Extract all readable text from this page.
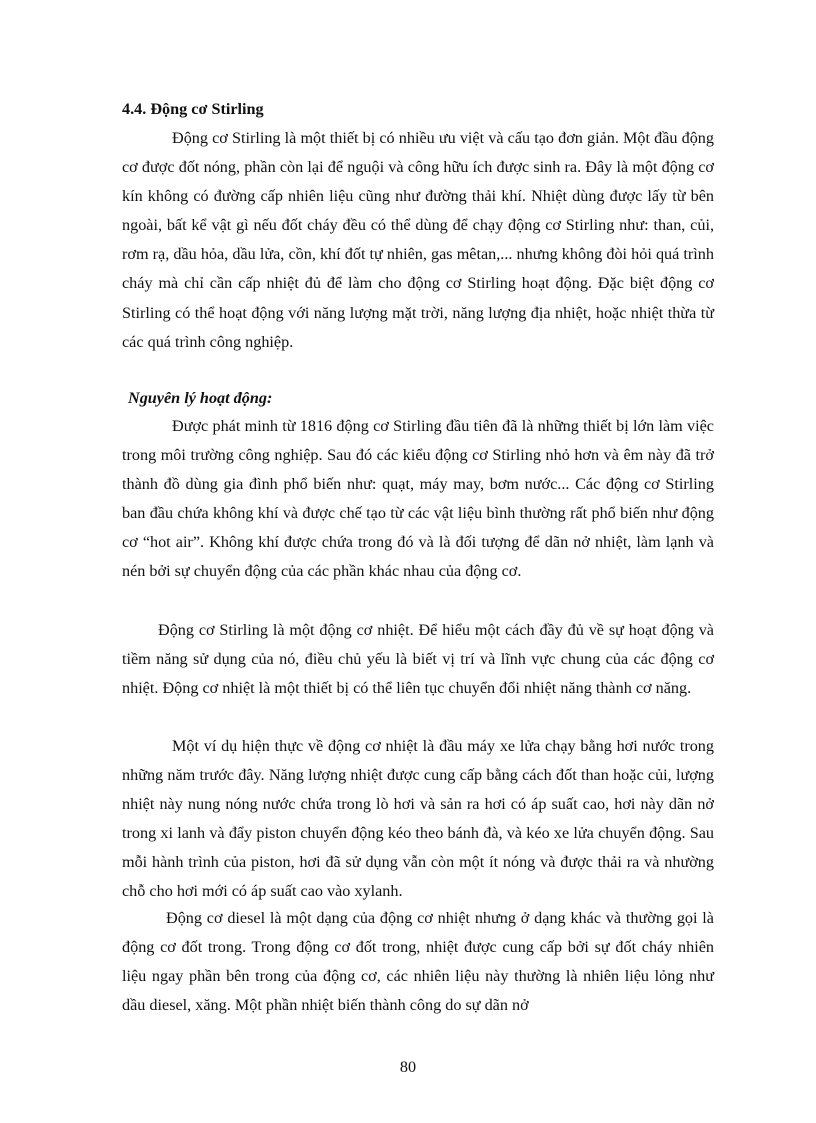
4.4. Động cơ Stirling

Động cơ Stirling là một thiết bị có nhiều ưu việt và cấu tạo đơn giản. Một đầu động cơ được đốt nóng, phần còn lại để nguội và công hữu ích được sinh ra. Đây là một động cơ kín không có đường cấp nhiên liệu cũng như đường thải khí. Nhiệt dùng được lấy từ bên ngoài, bất kể vật gì nếu đốt cháy đều có thể dùng để chạy động cơ Stirling như: than, củi, rơm rạ, dầu hỏa, dầu lửa, cồn, khí đốt tự nhiên, gas mêtan,... nhưng không đòi hỏi quá trình cháy mà chỉ cần cấp nhiệt đủ để làm cho động cơ Stirling hoạt động. Đặc biệt động cơ Stirling có thể hoạt động với năng lượng mặt trời, năng lượng địa nhiệt, hoặc nhiệt thừa từ các quá trình công nghiệp.

Nguyên lý hoạt động:

Được phát minh từ 1816 động cơ Stirling đầu tiên đã là những thiết bị lớn làm việc trong môi trường công nghiệp. Sau đó các kiểu động cơ Stirling nhỏ hơn và êm này đã trở thành đồ dùng gia đình phổ biến như: quạt, máy may, bơm nước... Các động cơ Stirling ban đầu chứa không khí và được chế tạo từ các vật liệu bình thường rất phổ biến như động cơ “hot air”. Không khí được chứa trong đó và là đối tượng để dãn nở nhiệt, làm lạnh và nén bởi sự chuyển động của các phần khác nhau của động cơ.

Động cơ Stirling là một động cơ nhiệt. Để hiểu một cách đầy đủ về sự hoạt động và tiềm năng sử dụng của nó, điều chủ yếu là biết vị trí và lĩnh vực chung của các động cơ nhiệt. Động cơ nhiệt là một thiết bị có thể liên tục chuyển đổi nhiệt năng thành cơ năng.

Một ví dụ hiện thực về động cơ nhiệt là đầu máy xe lửa chạy bằng hơi nước trong những năm trước đây. Năng lượng nhiệt được cung cấp bằng cách đốt than hoặc củi, lượng nhiệt này nung nóng nước chứa trong lò hơi và sản ra hơi có áp suất cao, hơi này dãn nở trong xi lanh và đẩy piston chuyển động kéo theo bánh đà, và kéo xe lửa chuyển động. Sau mỗi hành trình của piston, hơi đã sử dụng vẫn còn một ít nóng và được thải ra và nhường chỗ cho hơi mới có áp suất cao vào xylanh.

Động cơ diesel là một dạng của động cơ nhiệt nhưng ở dạng khác và thường gọi là động cơ đốt trong. Trong động cơ đốt trong, nhiệt được cung cấp bởi sự đốt cháy nhiên liệu ngay phần bên trong của động cơ, các nhiên liệu này thường là nhiên liệu lỏng như dầu diesel, xăng. Một phần nhiệt biến thành công do sự dãn nở

80
